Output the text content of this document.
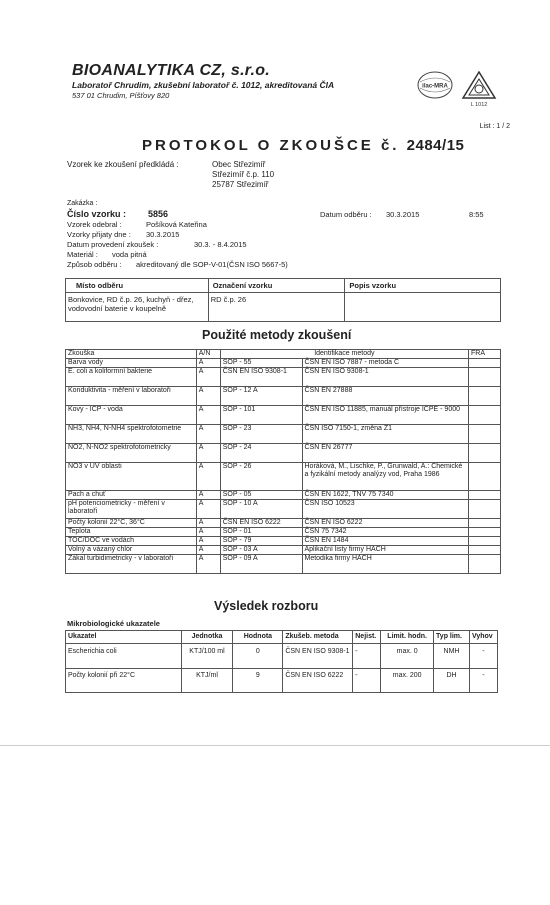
BIOANALYTIKA CZ, s.r.o.
Laboratoř Chrudim, zkušební laboratoř č. 1012, akreditovaná ČIA
537 01 Chrudim, Píšťovy 820
ilac-MRA
L 1012
List : 1 / 2
PROTOKOL O ZKOUŠCE č. 2484/15
Vzorek ke zkoušení předkládá :	Obec Střezimíř
Střezimíř č.p. 110
25787 Střezimíř
Zakázka :
Číslo vzorku : 5856	Datum odběru : 30.3.2015	8:55
Vzorek odebral :	Pošíková Kateřina
Vzorky přijaty dne : 30.3.2015
Datum provedení zkoušek :	30.3. - 8.4.2015
Materiál : voda pitná
Způsob odběru : akreditovaný dle SOP-V-01(ČSN ISO 5667-5)
Místo odběru	Označení vzorku	Popis vzorku
Bonkovice, RD č.p. 26, kuchyň - dřez, vodovodní baterie v koupelně	RD č.p. 26	
Použité metody zkoušení
Zkouška	A/N	Identifikace metody		FRA
Barva vody	A	SOP - 55	ČSN EN ISO 7887 - metoda C	
E. coli a koliformní bakterie	A	ČSN EN ISO 9308-1	ČSN EN ISO 9308-1	
Konduktivita - měření v laboratoři	A	SOP - 12 A	ČSN EN 27888	
Kovy - ICP - voda	A	SOP - 101	ČSN EN ISO 11885, manuál přístroje ICPE - 9000	
NH3, NH4, N-NH4 spektrofotometrie	A	SOP - 23	ČSN ISO 7150-1, změna Z1	
NO2, N-NO2 spektrofotometricky	A	SOP - 24	ČSN EN 26777	
NO3 v UV oblasti	A	SOP - 26	Horáková, M., Lischke, P., Grunwald, A.: Chemické a fyzikální metody analýzy vod, Praha 1986	
Pach a chuť	A	SOP - 05	ČSN EN 1622, TNV 75 7340	
pH potenciometricky - měření v laboratoři	A	SOP - 10 A	ČSN ISO 10523	
Počty kolonií 22°C, 36°C	A	ČSN EN ISO 6222	ČSN EN ISO 6222	
Teplota	A	SOP - 01	ČSN 75 7342	
TOC/DOC ve vodách	A	SOP - 79	ČSN EN 1484	
Volný a vázaný chlór	A	SOP - 03 A	Aplikační listy firmy HACH	
Zákal turbidimetricky - v laboratoři	A	SOP - 09 A	Metodika firmy HACH	
Výsledek rozboru
Mikrobiologické ukazatele
Ukazatel	Jednotka	Hodnota	Zkušeb. metoda	Nejist.	Limit. hodn.	Typ lim.	Vyhov
Escherichia coli	KTJ/100 ml	0	ČSN EN ISO 9308-1	-	max. 0	NMH	-
Počty kolonií při 22°C	KTJ/ml	9	ČSN EN ISO 6222	-	max. 200	DH	-
